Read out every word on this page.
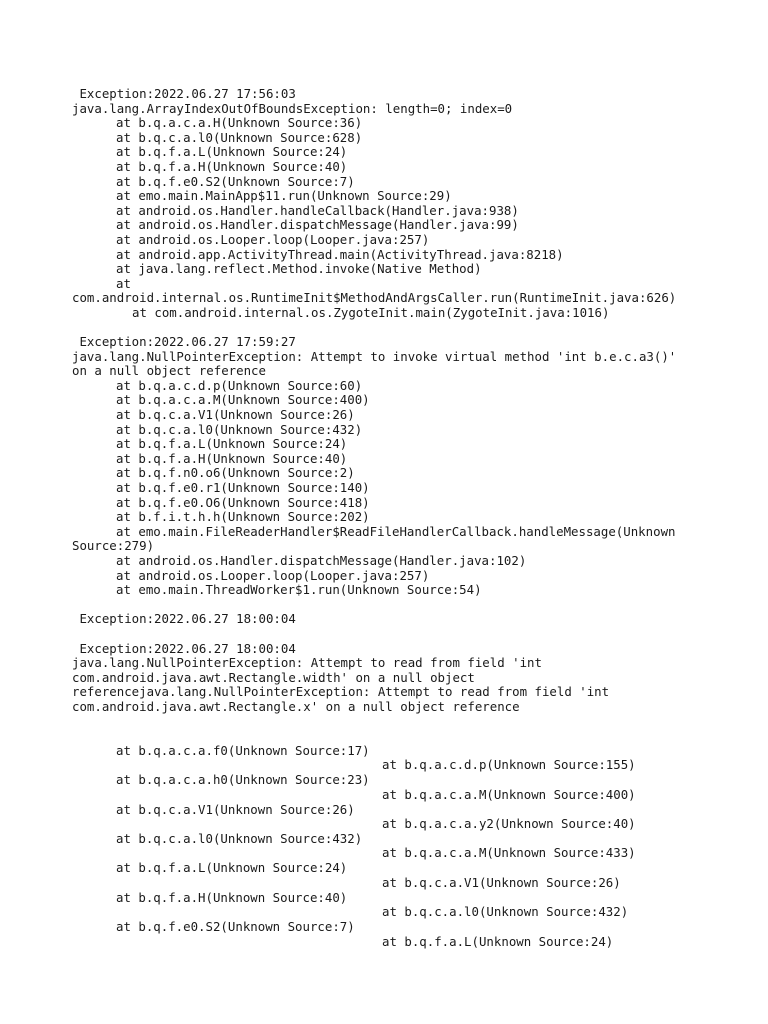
Exception:2022.06.27 17:56:03
java.lang.ArrayIndexOutOfBoundsException: length=0; index=0
at b.q.a.c.a.H(Unknown Source:36)
at b.q.c.a.l0(Unknown Source:628)
at b.q.f.a.L(Unknown Source:24)
at b.q.f.a.H(Unknown Source:40)
at b.q.f.e0.S2(Unknown Source:7)
at emo.main.MainApp$11.run(Unknown Source:29)
at android.os.Handler.handleCallback(Handler.java:938)
at android.os.Handler.dispatchMessage(Handler.java:99)
at android.os.Looper.loop(Looper.java:257)
at android.app.ActivityThread.main(ActivityThread.java:8218)
at java.lang.reflect.Method.invoke(Native Method)
at
com.android.internal.os.RuntimeInit$MethodAndArgsCaller.run(RuntimeInit.java:626)
at com.android.internal.os.ZygoteInit.main(ZygoteInit.java:1016)
Exception:2022.06.27 17:59:27
java.lang.NullPointerException: Attempt to invoke virtual method 'int b.e.c.a3()'
on a null object reference
at b.q.a.c.d.p(Unknown Source:60)
at b.q.a.c.a.M(Unknown Source:400)
at b.q.c.a.V1(Unknown Source:26)
at b.q.c.a.l0(Unknown Source:432)
at b.q.f.a.L(Unknown Source:24)
at b.q.f.a.H(Unknown Source:40)
at b.q.f.n0.o6(Unknown Source:2)
at b.q.f.e0.r1(Unknown Source:140)
at b.q.f.e0.O6(Unknown Source:418)
at b.f.i.t.h.h(Unknown Source:202)
at emo.main.FileReaderHandler$ReadFileHandlerCallback.handleMessage(Unknown
Source:279)
at android.os.Handler.dispatchMessage(Handler.java:102)
at android.os.Looper.loop(Looper.java:257)
at emo.main.ThreadWorker$1.run(Unknown Source:54)
Exception:2022.06.27 18:00:04
Exception:2022.06.27 18:00:04
java.lang.NullPointerException: Attempt to read from field 'int
com.android.java.awt.Rectangle.width' on a null object
referencejava.lang.NullPointerException: Attempt to read from field 'int
com.android.java.awt.Rectangle.x' on a null object reference

at b.q.a.c.a.f0(Unknown Source:17)

at b.q.a.c.d.p(Unknown Source:155)

at b.q.a.c.a.h0(Unknown Source:23)

at b.q.a.c.a.M(Unknown Source:400)

at b.q.c.a.V1(Unknown Source:26)

at b.q.a.c.a.y2(Unknown Source:40)

at b.q.c.a.l0(Unknown Source:432)

at b.q.a.c.a.M(Unknown Source:433)

at b.q.f.a.L(Unknown Source:24)

at b.q.c.a.V1(Unknown Source:26)

at b.q.f.a.H(Unknown Source:40)

at b.q.c.a.l0(Unknown Source:432)

at b.q.f.e0.S2(Unknown Source:7)

at b.q.f.a.L(Unknown Source:24)
